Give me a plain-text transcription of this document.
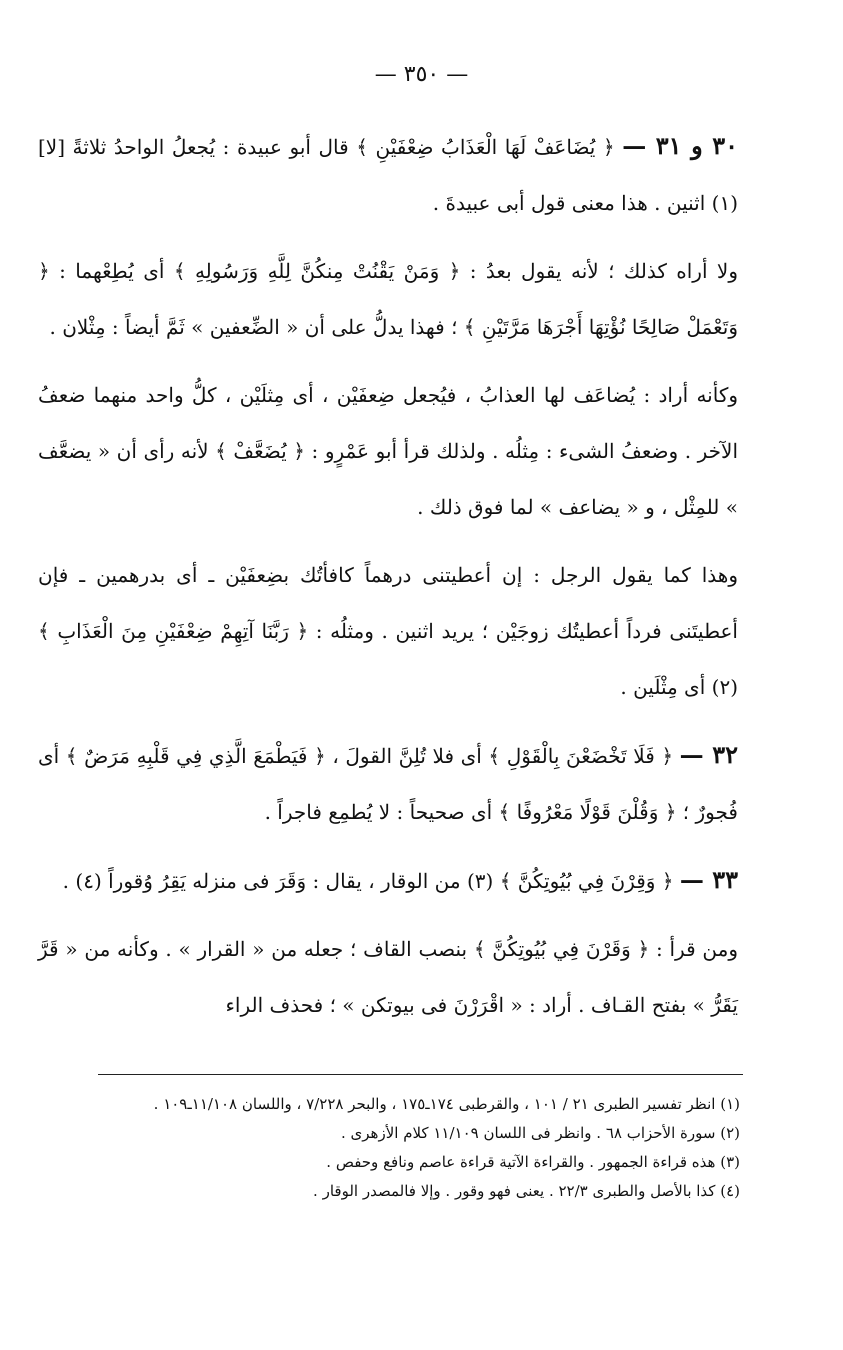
— ٣٥٠ —

٣٠ و ٣١ — ﴿ يُضَاعَفْ لَهَا الْعَذَابُ ضِعْفَيْنِ ﴾ قال أبو عبيدة : يُجعلُ الواحدُ ثلاثةً [لا] (١) اثنين . هذا معنى قول أبى عبيدةَ .

ولا أراه كذلك ؛ لأنه يقول بعدُ : ﴿ وَمَنْ يَقْنُتْ مِنكُنَّ لِلَّهِ وَرَسُولِهِ ﴾ أى يُطِعْهما : ﴿ وَتَعْمَلْ صَالِحًا نُؤْتِهَا أَجْرَهَا مَرَّتَيْنِ ﴾ ؛ فهذا يدلُّ على أن « الضِّعفين » ثَمَّ أيضاً : مِثْلان .

وكأنه أراد : يُضاعَف لها العذابُ ، فيُجعل ضِعفَيْن ، أى مِثلَيْن ، كلُّ واحد منهما ضعفُ الآخر . وضعفُ الشىء : مِثلُه . ولذلك قرأ أبو عَمْرٍو : ﴿ يُضَعَّفْ ﴾ لأنه رأى أن « يضعَّف » للمِثْل ، و « يضاعف » لما فوق ذلك .

وهذا كما يقول الرجل : إن أعطيتنى درهماً كافأتُك بضِعفَيْن ـ أى بدرهمين ـ فإن أعطيتَنى فرداً أعطيتُك زوجَيْن ؛ يريد اثنين . ومثلُه : ﴿ رَبَّنَا آتِهِمْ ضِعْفَيْنِ مِنَ الْعَذَابِ ﴾ (٢) أى مِثْلَين .

٣٢ — ﴿ فَلَا تَخْضَعْنَ بِالْقَوْلِ ﴾ أى فلا تُلِنَّ القولَ ، ﴿ فَيَطْمَعَ الَّذِي فِي قَلْبِهِ مَرَضٌ ﴾ أى فُجورٌ ؛ ﴿ وَقُلْنَ قَوْلًا مَعْرُوفًا ﴾ أى صحيحاً : لا يُطمِع فاجراً .

٣٣ — ﴿ وَقِرْنَ فِي بُيُوتِكُنَّ ﴾ (٣) من الوقار ، يقال : وَقَرَ فى منزله يَقِرُ وُقوراً (٤) .

ومن قرأ : ﴿ وَقَرْنَ فِي بُيُوتِكُنَّ ﴾ بنصب القاف ؛ جعله من « القرار » . وكأنه من « قَرَّ يَقَرُّ » بفتح القـاف . أراد : « اقْرَرْنَ فى بيوتكن » ؛ فحذف الراء

(١) انظر تفسير الطبرى ٢١ / ١٠١ ، والقرطبى ١٧٤ـ١٧٥ ، والبحر ٧/٢٢٨ ، واللسان ١١/١٠٨ـ١٠٩ .

(٢) سورة الأحزاب ٦٨ . وانظر فى اللسان ١١/١٠٩ كلام الأزهرى .

(٣) هذه قراءة الجمهور . والقراءة الآتية قراءة عاصم ونافع وحفص .

(٤) كذا بالأصل والطبرى ٢٢/٣ . يعنى فهو وقور . وإلا فالمصدر الوقار .
